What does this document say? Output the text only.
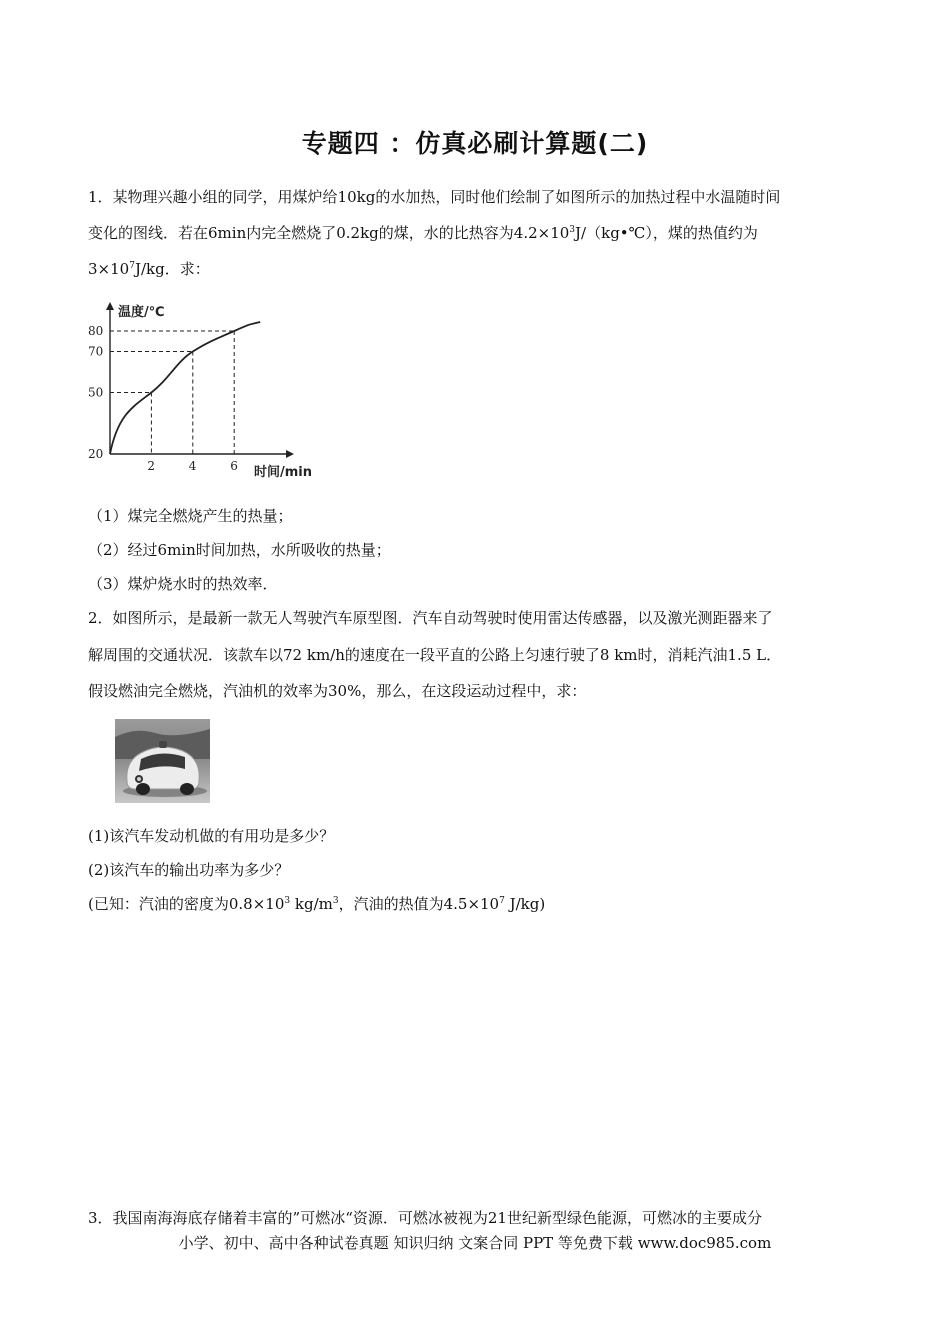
专题四 ：仿真必刷计算题(二)
1．某物理兴趣小组的同学，用煤炉给10kg的水加热，同时他们绘制了如图所示的加热过程中水温随时间
变化的图线．若在6min内完全燃烧了0.2kg的煤，水的比热容为$4.2\times 10^3J/(kg•℃)$，煤的热值约为
$3\times 10^7J/kg$．求：
温度/℃
时间/min
80
70
50
20
2	4	6
（1）煤完全燃烧产生的热量；
（2）经过6min时间加热，水所吸收的热量；
（3）煤炉烧水时的热效率．
2．如图所示，是最新一款无人驾驶汽车原型图．汽车自动驾驶时使用雷达传感器，以及激光测距器来了
解周围的交通状况．该款车以72 km/h的速度在一段平直的公路上匀速行驶了8 km时，消耗汽油1.5 L．
假设燃油完全燃烧，汽油机的效率为30%，那么，在这段运动过程中，求：
(1)该汽车发动机做的有用功是多少？
(2)该汽车的输出功率为多少？
(已知：汽油的密度为$0.8\times 10^3$ $kg/m^3$，汽油的热值为$4.5\times 10^7$ J/kg)
3．我国南海海底存储着丰富的”可燃冰“资源．可燃冰被视为21世纪新型绿色能源，可燃冰的主要成分
小学、初中、高中各种试卷真题 知识归纳 文案合同 PPT 等免费下载 www.doc985.com
